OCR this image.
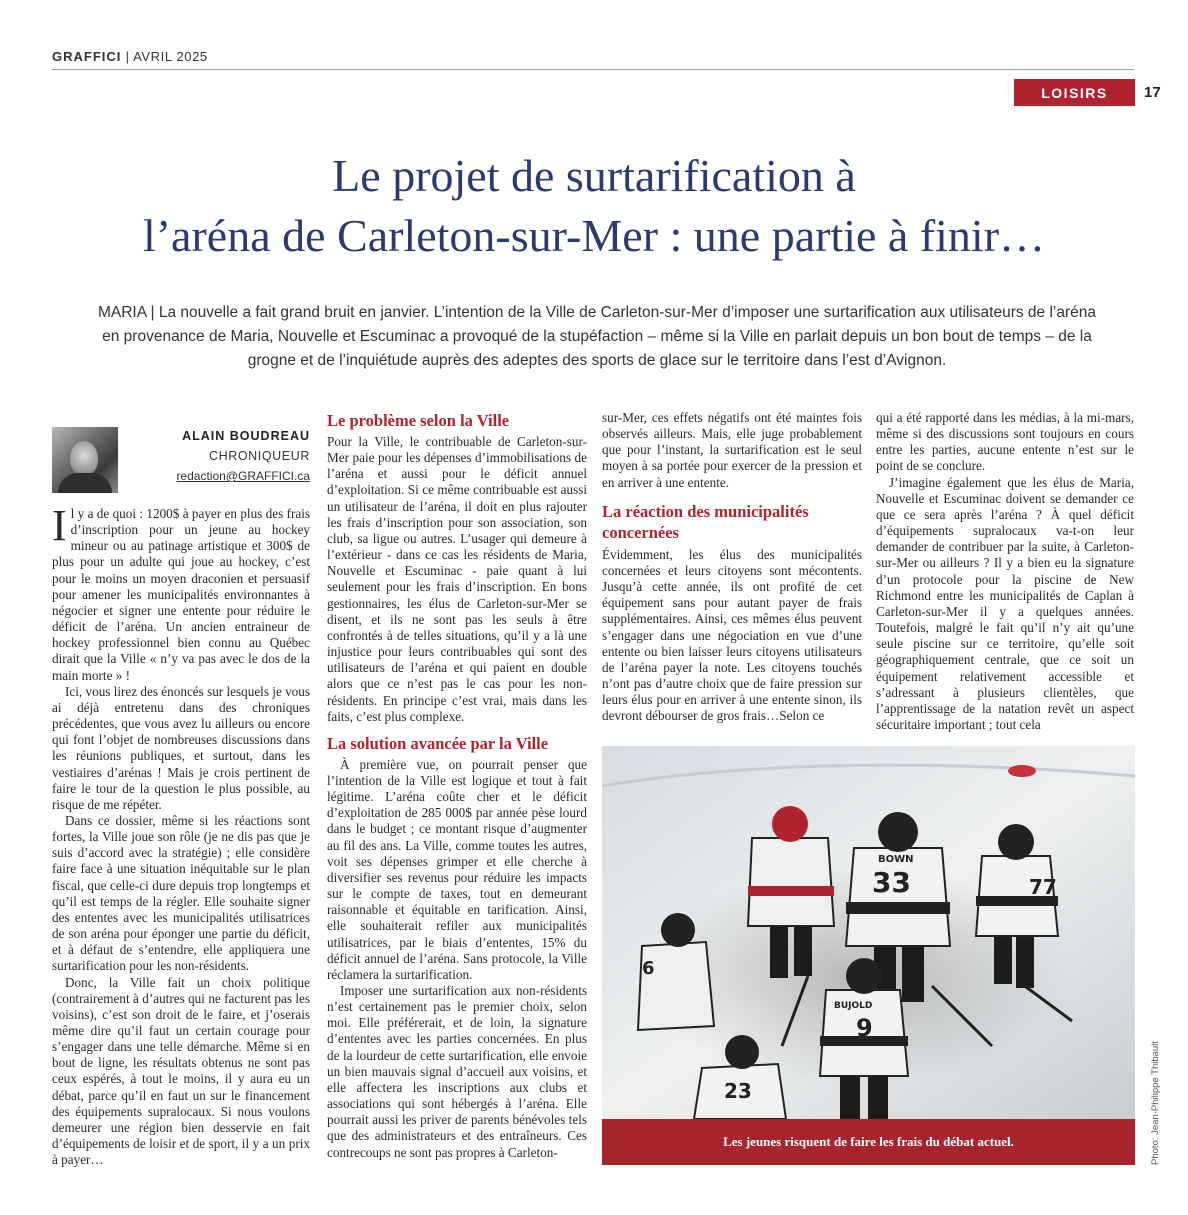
GRAFFICI | AVRIL 2025
LOISIRS	17
Le projet de surtarification à
l’aréna de Carleton-sur-Mer : une partie à finir…

MARIA | La nouvelle a fait grand bruit en janvier. L’intention de la Ville de Carleton-sur-Mer d’imposer une surtarification aux utilisateurs de l’aréna en provenance de Maria, Nouvelle et Escuminac a provoqué de la stupéfaction – même si la Ville en parlait depuis un bon bout de temps – de la grogne et de l’inquiétude auprès des adeptes des sports de glace sur le territoire dans l’est d’Avignon.

ALAIN BOUDREAU
CHRONIQUEUR
redaction@GRAFFICI.ca

Il y a de quoi : 1200$ à payer en plus des frais d’inscription pour un jeune au hockey mineur ou au patinage artistique et 300$ de plus pour un adulte qui joue au hockey, c’est pour le moins un moyen draconien et persuasif pour amener les municipalités environnantes à négocier et signer une entente pour réduire le déficit de l’aréna. Un ancien entraineur de hockey professionnel bien connu au Québec dirait que la Ville « n’y va pas avec le dos de la main morte » !

Ici, vous lirez des énoncés sur lesquels je vous ai déjà entretenu dans des chroniques précédentes, que vous avez lu ailleurs ou encore qui font l’objet de nombreuses discussions dans les réunions publiques, et surtout, dans les vestiaires d’arénas ! Mais je crois pertinent de faire le tour de la question le plus possible, au risque de me répéter.

Dans ce dossier, même si les réactions sont fortes, la Ville joue son rôle (je ne dis pas que je suis d’accord avec la stratégie) ; elle considère faire face à une situation inéquitable sur le plan fiscal, que celle-ci dure depuis trop longtemps et qu’il est temps de la régler. Elle souhaite signer des ententes avec les municipalités utilisatrices de son aréna pour éponger une partie du déficit, et à défaut de s’entendre, elle appliquera une surtarification pour les non-résidents.

Donc, la Ville fait un choix politique (contrairement à d’autres qui ne facturent pas les voisins), c’est son droit de le faire, et j’oserais même dire qu’il faut un certain courage pour s’engager dans une telle démarche. Même si en bout de ligne, les résultats obtenus ne sont pas ceux espérés, à tout le moins, il y aura eu un débat, parce qu’il en faut un sur le financement des équipements supralocaux. Si nous voulons demeurer une région bien desservie en fait d’équipements de loisir et de sport, il y a un prix à payer…

Le problème selon la Ville

Pour la Ville, le contribuable de Carleton-sur-Mer paie pour les dépenses d’immobilisations de l’aréna et aussi pour le déficit annuel d’exploitation. Si ce même contribuable est aussi un utilisateur de l’aréna, il doit en plus rajouter les frais d’inscription pour son association, son club, sa ligue ou autres. L’usager qui demeure à l’extérieur - dans ce cas les résidents de Maria, Nouvelle et Escuminac - paie quant à lui seulement pour les frais d’inscription. En bons gestionnaires, les élus de Carleton-sur-Mer se disent, et ils ne sont pas les seuls à être confrontés à de telles situations, qu’il y a là une injustice pour leurs contribuables qui sont des utilisateurs de l’aréna et qui paient en double alors que ce n’est pas le cas pour les non-résidents. En principe c’est vrai, mais dans les faits, c’est plus complexe.

La solution avancée par la Ville

À première vue, on pourrait penser que l’intention de la Ville est logique et tout à fait légitime. L’aréna coûte cher et le déficit d’exploitation de 285 000$ par année pèse lourd dans le budget ; ce montant risque d’augmenter au fil des ans. La Ville, comme toutes les autres, voit ses dépenses grimper et elle cherche à diversifier ses revenus pour réduire les impacts sur le compte de taxes, tout en demeurant raisonnable et équitable en tarification. Ainsi, elle souhaiterait refiler aux municipalités utilisatrices, par le biais d’ententes, 15% du déficit annuel de l’aréna. Sans protocole, la Ville réclamera la surtarification.

Imposer une surtarification aux non-résidents n’est certainement pas le premier choix, selon moi. Elle préférerait, et de loin, la signature d’ententes avec les parties concernées. En plus de la lourdeur de cette surtarification, elle envoie un bien mauvais signal d’accueil aux voisins, et elle affectera les inscriptions aux clubs et associations qui sont hébergés à l’aréna. Elle pourrait aussi les priver de parents bénévoles tels que des administrateurs et des entraîneurs. Ces contrecoups ne sont pas propres à Carleton-

sur-Mer, ces effets négatifs ont été maintes fois observés ailleurs. Mais, elle juge probablement que pour l’instant, la surtarification est le seul moyen à sa portée pour exercer de la pression et en arriver à une entente.

La réaction des municipalités concernées

Évidemment, les élus des municipalités concernées et leurs citoyens sont mécontents. Jusqu’à cette année, ils ont profité de cet équipement sans pour autant payer de frais supplémentaires. Ainsi, ces mêmes élus peuvent s’engager dans une négociation en vue d’une entente ou bien laisser leurs citoyens utilisateurs de l’aréna payer la note. Les citoyens touchés n’ont pas d’autre choix que de faire pression sur leurs élus pour en arriver à une entente sinon, ils devront débourser de gros frais…Selon ce

qui a été rapporté dans les médias, à la mi-mars, même si des discussions sont toujours en cours entre les parties, aucune entente n’est sur le point de se conclure.

J’imagine également que les élus de Maria, Nouvelle et Escuminac doivent se demander ce que ce sera après l’aréna ? À quel déficit d’équipements supralocaux va-t-on leur demander de contribuer par la suite, à Carleton-sur-Mer ou ailleurs ? Il y a bien eu la signature d’un protocole pour la piscine de New Richmond entre les municipalités de Caplan à Carleton-sur-Mer il y a quelques années. Toutefois, malgré le fait qu’il n’y ait qu’une seule piscine sur ce territoire, qu’elle soit géographiquement centrale, que ce soit un équipement relativement accessible et s’adressant à plusieurs clientèles, que l’apprentissage de la natation revêt un aspect sécuritaire important ; tout cela

77
BOWN
33
6
BUJOLD
9
23
Les jeunes risquent de faire les frais du débat actuel.	Photo: Jean-Philippe Thibault
